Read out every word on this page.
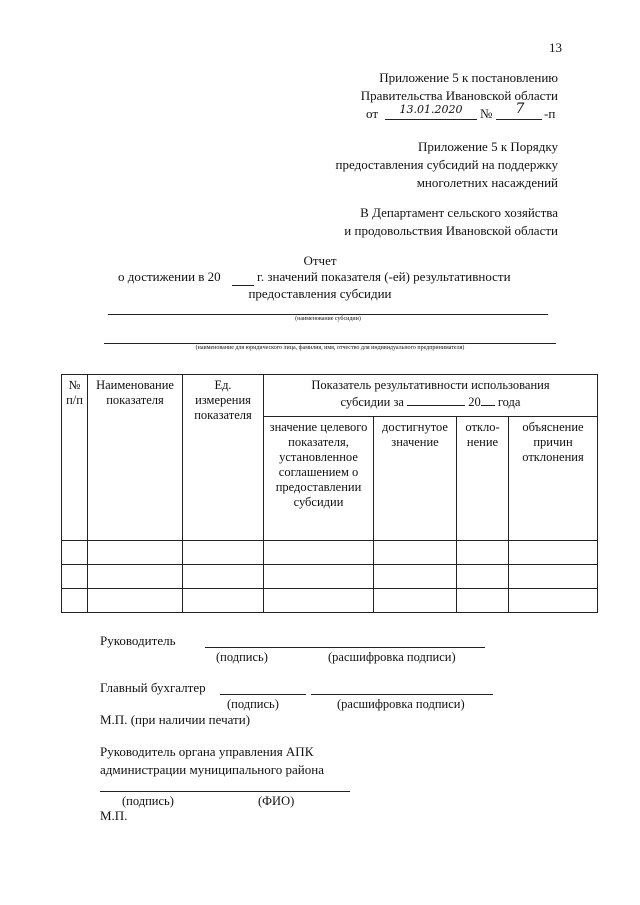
13
Приложение 5 к постановлению
Правительства Ивановской области
от	13.01.2020	№	7	-п
Приложение 5 к Порядку
предоставления субсидий на поддержку
многолетних насаждений
В Департамент сельского хозяйства
и продовольствия Ивановской области
Отчет
о достижении в 20	г. значений показателя (-ей) результативности
предоставления субсидии
(наименование субсидии)
(наименование для юридического лица, фамилия, имя, отчество для индивидуального предпринимателя)
№ п/п	Наименование показателя	Ед. измерения показателя	Показатель результативности использования
субсидии за 20 года			

			значение целевого показателя, установленное соглашением о предоставлении субсидии	достигнутое значение	откло-нение	объяснение причин отклонения

Руководитель
(подпись)	(расшифровка подписи)
Главный бухгалтер
(подпись)	(расшифровка подписи)
М.П. (при наличии печати)
Руководитель органа управления АПК
администрации муниципального района
(подпись)	(ФИО)
М.П.
